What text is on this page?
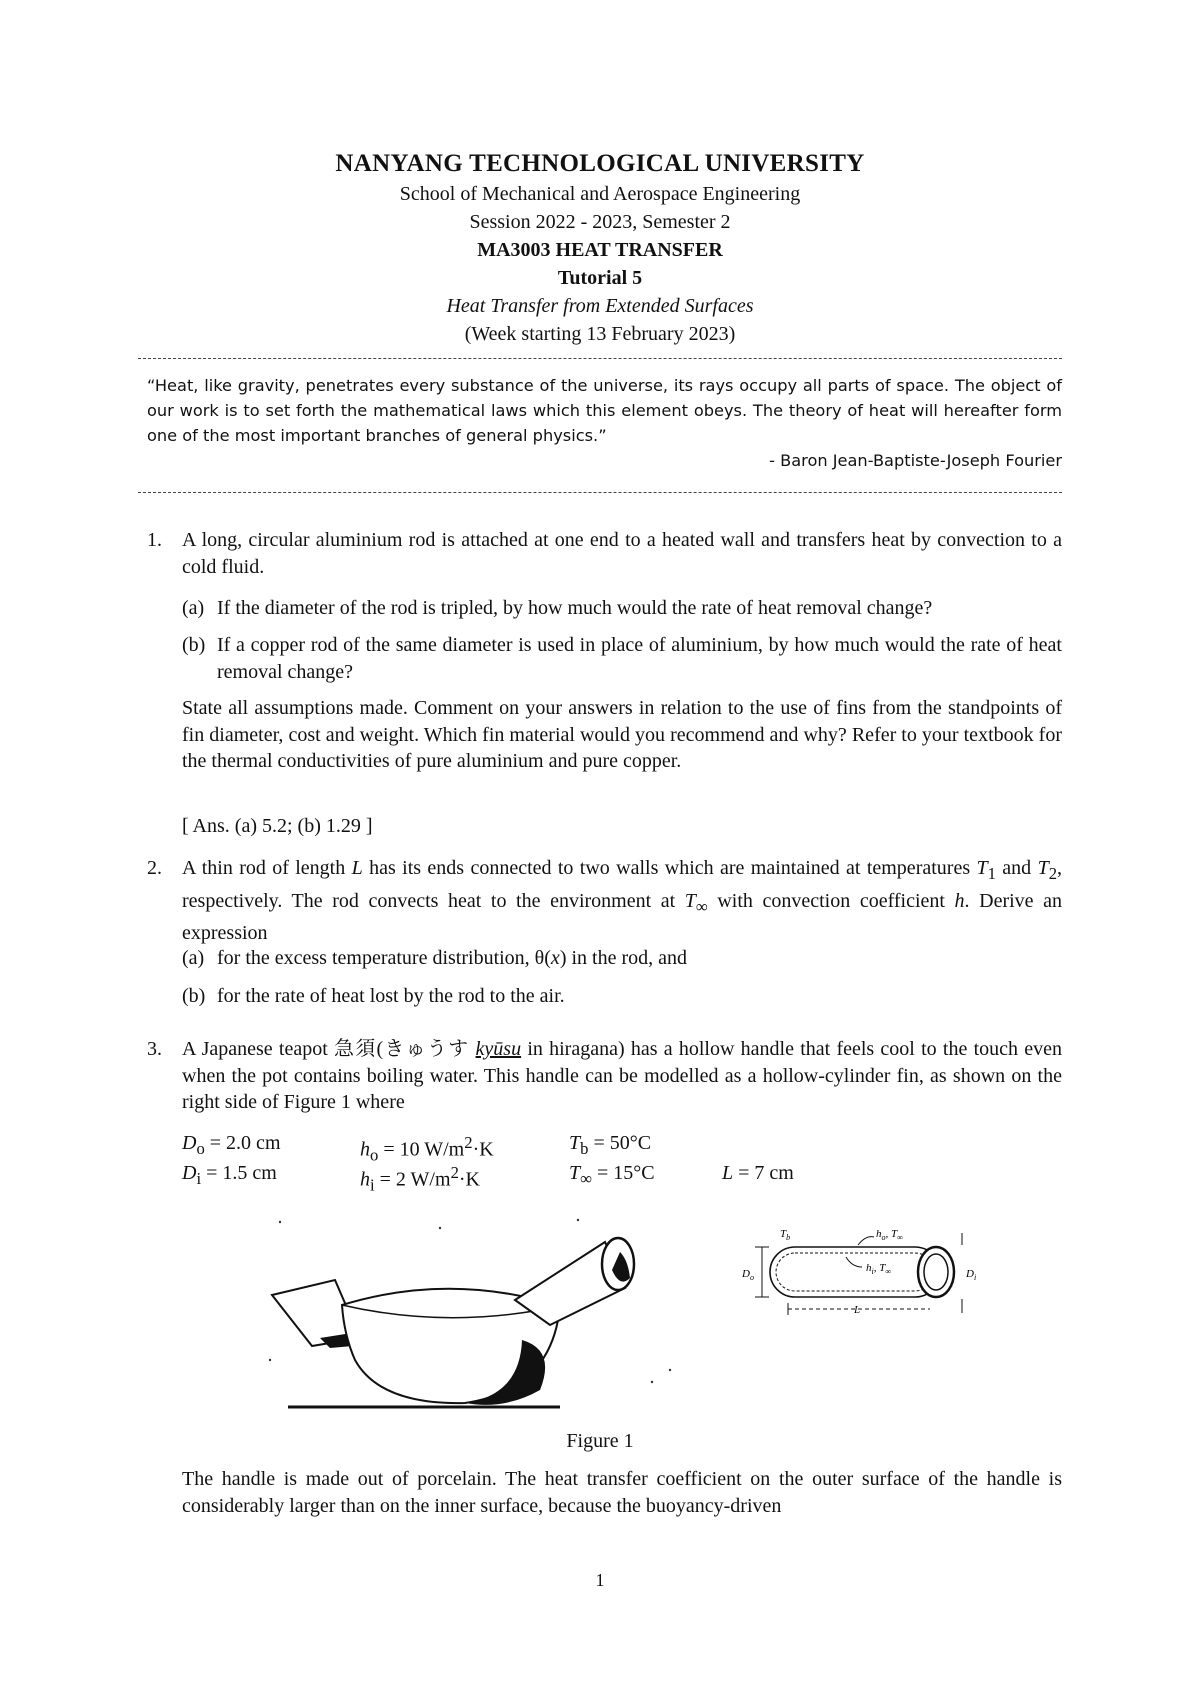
NANYANG TECHNOLOGICAL UNIVERSITY
School of Mechanical and Aerospace Engineering
Session 2022 - 2023, Semester 2
MA3003 HEAT TRANSFER
Tutorial 5
Heat Transfer from Extended Surfaces
(Week starting 13 February 2023)
“Heat, like gravity, penetrates every substance of the universe, its rays occupy all parts of space. The object of our work is to set forth the mathematical laws which this element obeys. The theory of heat will hereafter form one of the most important branches of general physics.”
- Baron Jean-Baptiste-Joseph Fourier
1.	A long, circular aluminium rod is attached at one end to a heated wall and transfers heat by convection to a cold fluid.
(a) If the diameter of the rod is tripled, by how much would the rate of heat removal change?
(b) If a copper rod of the same diameter is used in place of aluminium, by how much would the rate of heat removal change?
State all assumptions made. Comment on your answers in relation to the use of fins from the standpoints of fin diameter, cost and weight. Which fin material would you recommend and why? Refer to your textbook for the thermal conductivities of pure aluminium and pure copper.
[ Ans. (a) 5.2; (b) 1.29 ]
2.	A thin rod of length L has its ends connected to two walls which are maintained at temperatures $T_1$ and $T_2$, respectively. The rod convects heat to the environment at $T_\infty$ with convection coefficient h. Derive an expression
(a) for the excess temperature distribution, θ(x) in the rod, and
(b) for the rate of heat lost by the rod to the air.
3.	A Japanese teapot 急須(きゅうす kyūsu in hiragana) has a hollow handle that feels cool to the touch even when the pot contains boiling water. This handle can be modelled as a hollow-cylinder fin, as shown on the right side of Figure 1 where
$D_o = 2.0$ cm	$h_o = 10$ $W/m^2\cdot K$	$T_b = 50^\circ C$
$D_i = 1.5$ cm	$h_i = 2$ $W/m^2\cdot K$	$T_\infty = 15^\circ C$	L = 7 cm
$T_b$	$h_o$, $T_\infty$
$h_i$, $T_\infty$
$D_o$	$D_i$
L
Figure 1
The handle is made out of porcelain. The heat transfer coefficient on the outer surface of the handle is considerably larger than on the inner surface, because the buoyancy-driven
1
